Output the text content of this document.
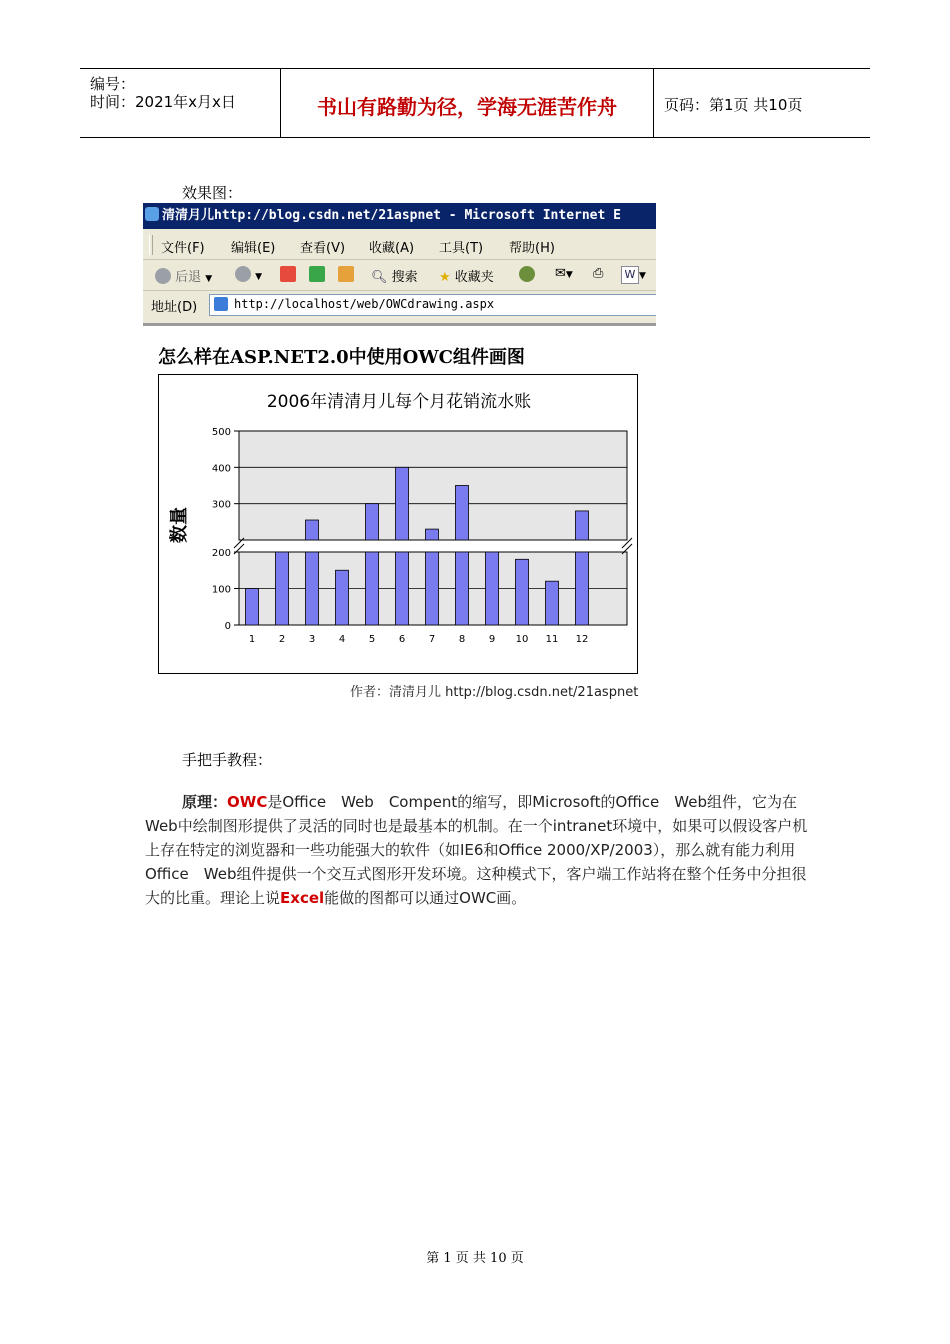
编号：
时间：2021年x月x日	书山有路勤为径，学海无涯苦作舟	页码：第1页 共10页
效果图：
清清月儿http://blog.csdn.net/21aspnet - Microsoft Internet E
文件(F) 编辑(E) 查看(V) 收藏(A) 工具(T) 帮助(H)
后退 ▼	▼	🔍︎ 搜索 ★ 收藏夹	✉▼ ⎙	W ▼
地址(D)	http://localhost/web/OWCdrawing.aspx
怎么样在ASP.NET2.0中使用OWC组件画图
2006年清清月儿每个月花销流水账
数量
0
100
200
300
400
500
1 2 3 4 5 6 7 8 9 10 11 12
作者：清清月儿 http://blog.csdn.net/21aspnet
手把手教程：

原理：OWC是Office　Web　Compent的缩写，即Microsoft的Office　Web组件，它为在Web中绘制图形提供了灵活的同时也是最基本的机制。在一个intranet环境中，如果可以假设客户机上存在特定的浏览器和一些功能强大的软件（如IE6和Office 2000/XP/2003），那么就有能力利用Office　Web组件提供一个交互式图形开发环境。这种模式下，客户端工作站将在整个任务中分担很大的比重。理论上说Excel能做的图都可以通过OWC画。

第 1 页 共 10 页
